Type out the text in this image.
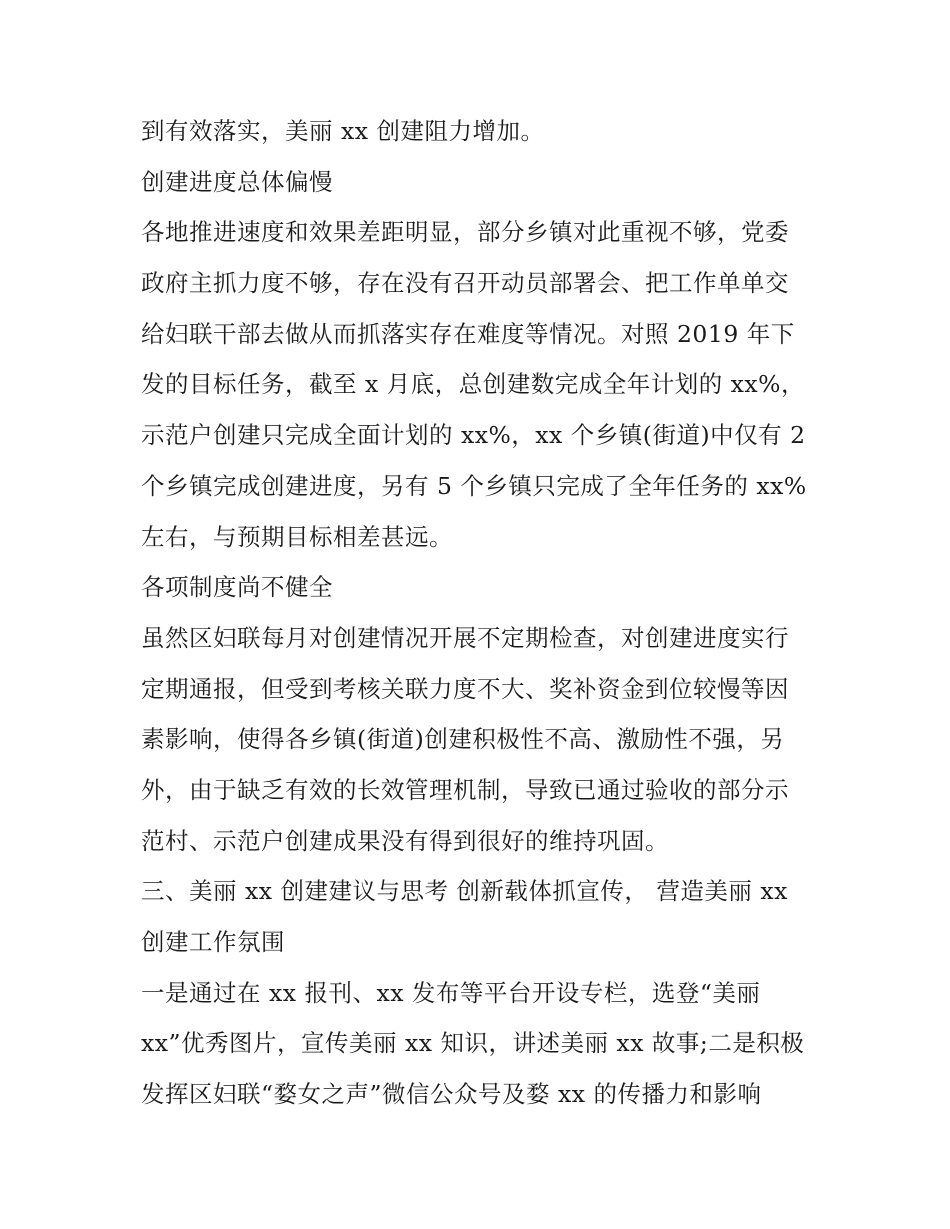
到有效落实，美丽 xx 创建阻力增加。
创建进度总体偏慢
各地推进速度和效果差距明显，部分乡镇对此重视不够，党委
政府主抓力度不够，存在没有召开动员部署会、把工作单单交
给妇联干部去做从而抓落实存在难度等情况。对照 2019 年下
发的目标任务，截至 x 月底，总创建数完成全年计划的 xx%，
示范户创建只完成全面计划的 xx%，xx 个乡镇(街道)中仅有 2
个乡镇完成创建进度，另有 5 个乡镇只完成了全年任务的 xx%
左右，与预期目标相差甚远。
各项制度尚不健全
虽然区妇联每月对创建情况开展不定期检查，对创建进度实行
定期通报，但受到考核关联力度不大、奖补资金到位较慢等因
素影响，使得各乡镇(街道)创建积极性不高、激励性不强，另
外，由于缺乏有效的长效管理机制，导致已通过验收的部分示
范村、示范户创建成果没有得到很好的维持巩固。
三、美丽 xx 创建建议与思考 创新载体抓宣传， 营造美丽 xx
创建工作氛围
一是通过在 xx 报刊、xx 发布等平台开设专栏，选登“美丽
xx”优秀图片，宣传美丽 xx 知识，讲述美丽 xx 故事;二是积极
发挥区妇联“婺女之声”微信公众号及婺 xx 的传播力和影响
